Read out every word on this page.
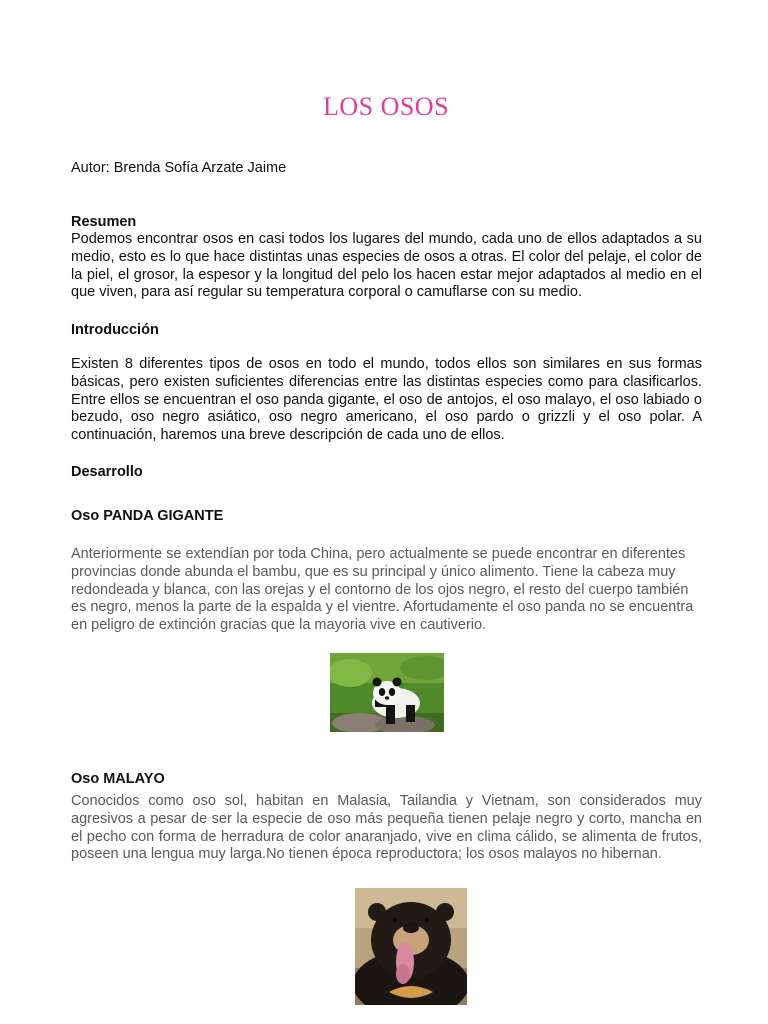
LOS OSOS
Autor: Brenda Sofía Arzate Jaime
Resumen
Podemos encontrar osos en casi todos los lugares del mundo, cada uno de ellos adaptados a su medio, esto es lo que hace distintas unas especies de osos a otras. El color del pelaje, el color de la piel, el grosor, la espesor y la longitud del pelo los hacen estar mejor adaptados al medio en el que viven, para así regular su temperatura corporal o camuflarse con su medio.
Introducción
Existen 8 diferentes tipos de osos en todo el mundo, todos ellos son similares en sus formas básicas, pero existen suficientes diferencias entre las distintas especies como para clasificarlos. Entre ellos se encuentran el oso panda gigante, el oso de antojos, el oso malayo, el oso labiado o bezudo, oso negro asiático, oso negro americano, el oso pardo o grizzli y el oso polar. A continuación, haremos una breve descripción de cada uno de ellos.
Desarrollo
Oso PANDA GIGANTE
Anteriormente se extendían por toda China, pero actualmente se puede encontrar en diferentes provincias donde abunda el bambu, que es su principal y único alimento. Tiene la cabeza muy redondeada y blanca, con las orejas y el contorno de los ojos negro, el resto del cuerpo también es negro, menos la parte de la espalda y el vientre. Afortudamente el oso panda no se encuentra en peligro de extinción gracias que la mayoria vive en cautiverio.
Oso MALAYO
Conocidos como oso sol, habitan en Malasia, Tailandia y Vietnam, son considerados muy agresivos a pesar de ser la especie de oso más pequeña tienen pelaje negro y corto, mancha en el pecho con forma de herradura de color anaranjado, vive en clima cálido, se alimenta de frutos, poseen una lengua muy larga.No tienen época reproductora; los osos malayos no hibernan.
